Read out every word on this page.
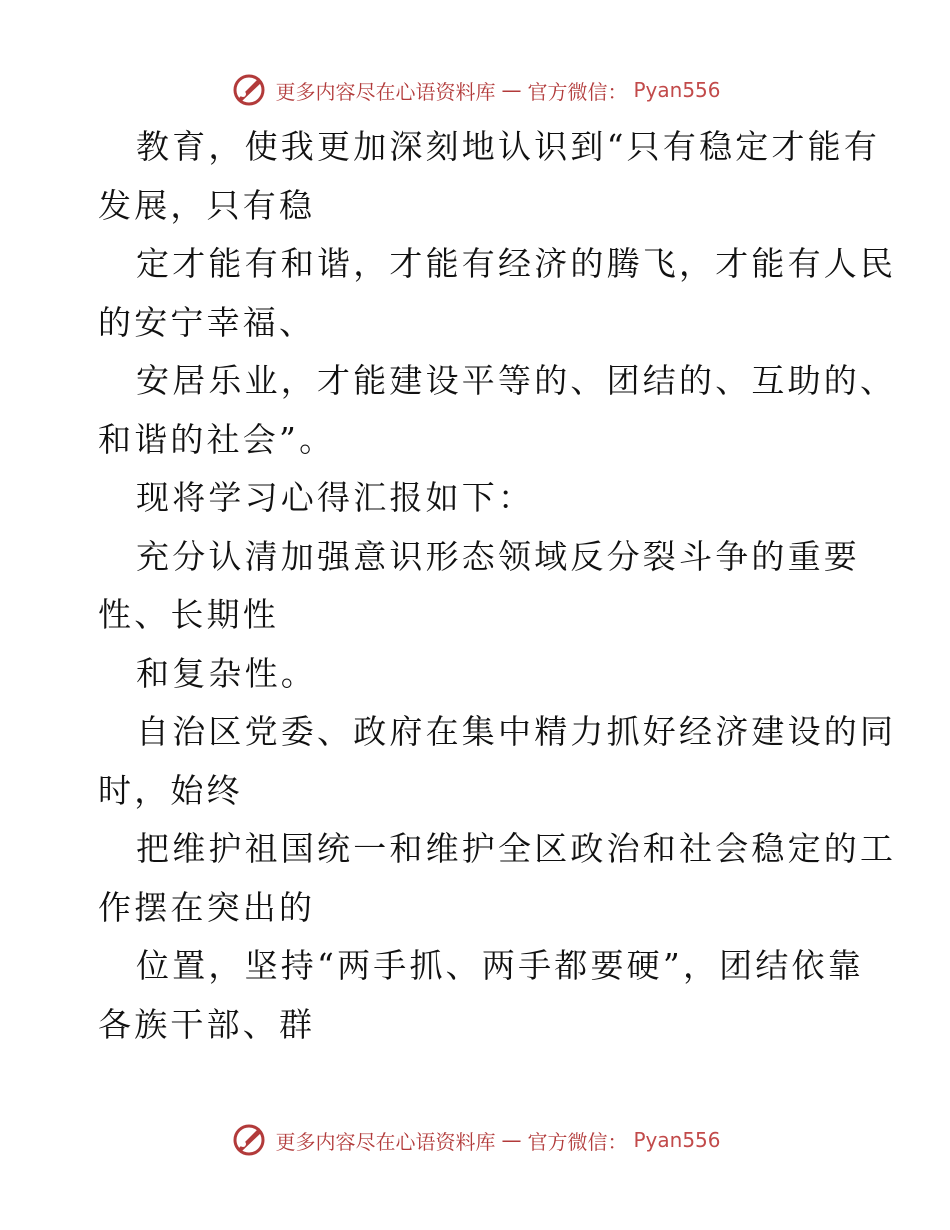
更多内容尽在心语资料库 — 官方微信： Pyan556

教育，使我更加深刻地认识到“只有稳定才能有
发展，只有稳

定才能有和谐，才能有经济的腾飞，才能有人民
的安宁幸福、

安居乐业，才能建设平等的、团结的、互助的、
和谐的社会”。

现将学习心得汇报如下：

充分认清加强意识形态领域反分裂斗争的重要
性、长期性

和复杂性。

自治区党委、政府在集中精力抓好经济建设的同
时，始终

把维护祖国统一和维护全区政治和社会稳定的工
作摆在突出的

位置，坚持“两手抓、两手都要硬”，团结依靠
各族干部、群

更多内容尽在心语资料库 — 官方微信： Pyan556
